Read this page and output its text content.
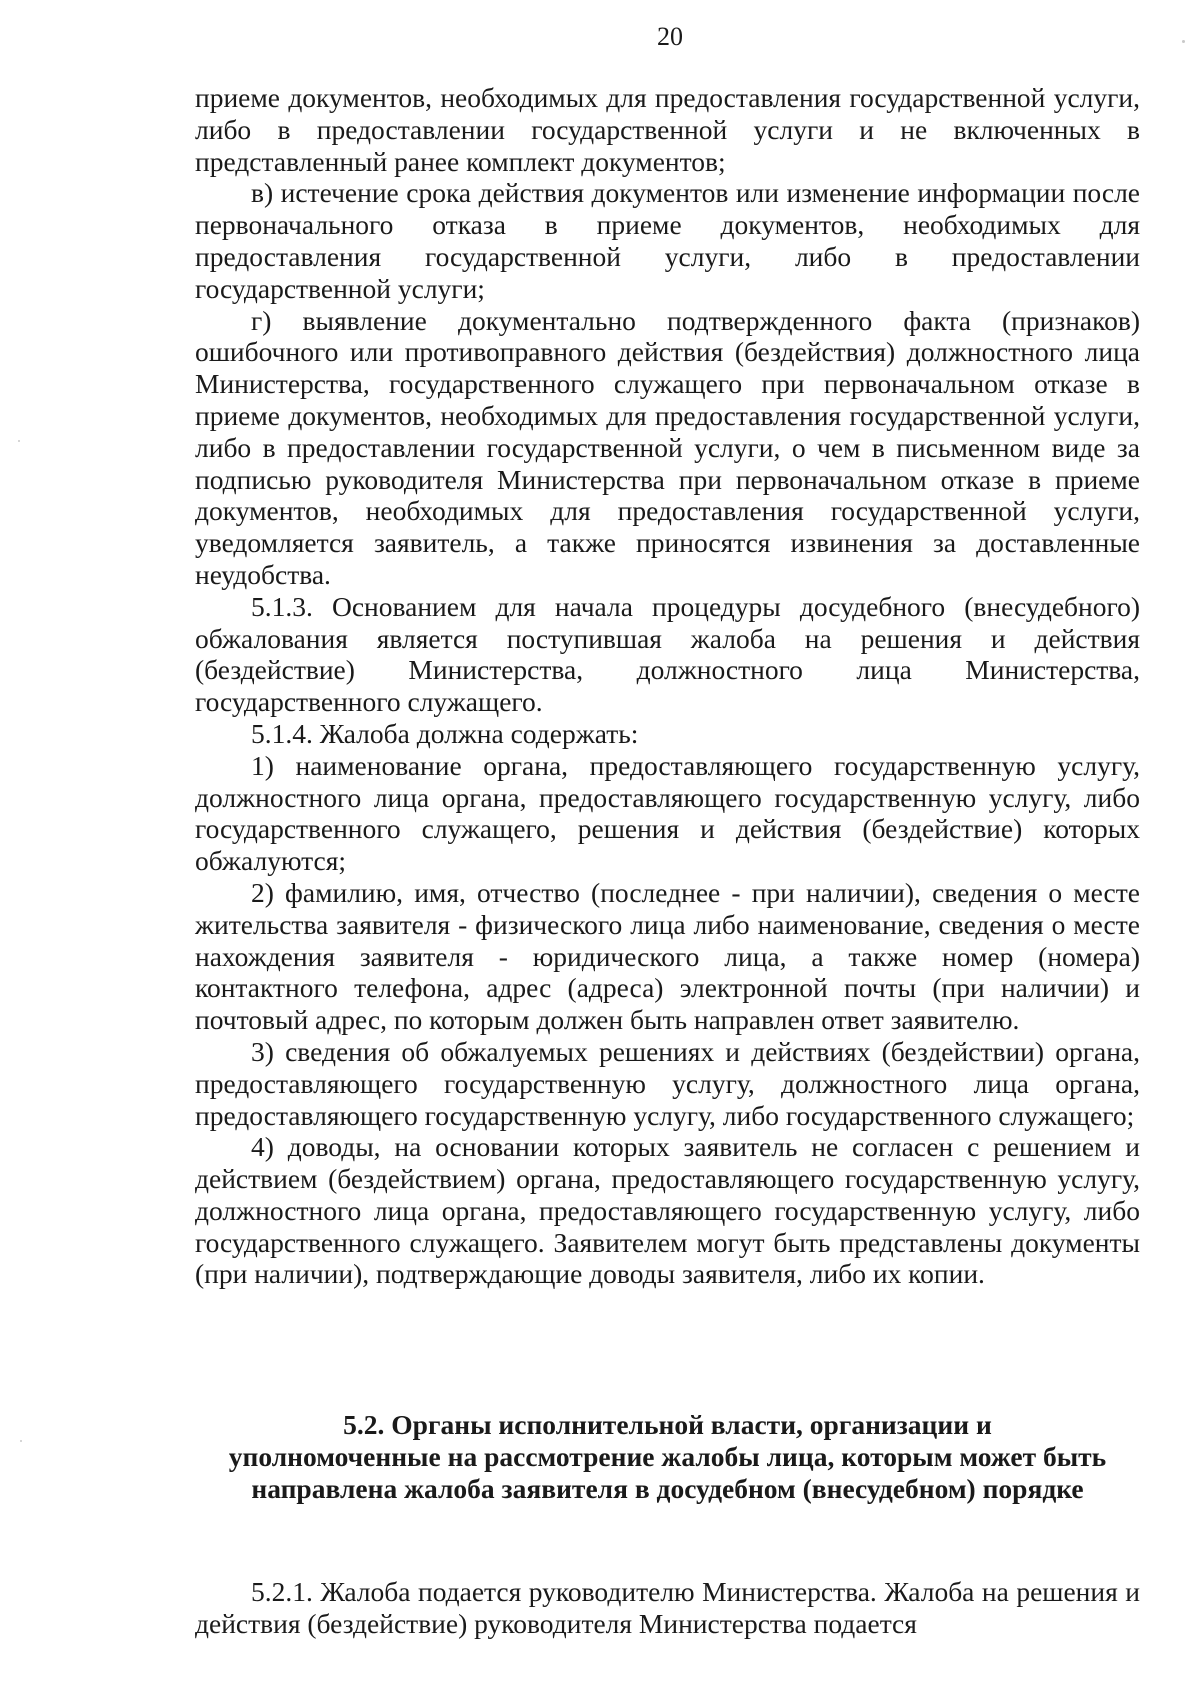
20

приеме документов, необходимых для предоставления государственной услуги, либо в предоставлении государственной услуги и не включенных в представленный ранее комплект документов;

в) истечение срока действия документов или изменение информации после первоначального отказа в приеме документов, необходимых для предоставления государственной услуги, либо в предоставлении государственной услуги;

г) выявление документально подтвержденного факта (признаков) ошибочного или противоправного действия (бездействия) должностного лица Министерства, государственного служащего при первоначальном отказе в приеме документов, необходимых для предоставления государственной услуги, либо в предоставлении государственной услуги, о чем в письменном виде за подписью руководителя Министерства при первоначальном отказе в приеме документов, необходимых для предоставления государственной услуги, уведомляется заявитель, а также приносятся извинения за доставленные неудобства.

5.1.3. Основанием для начала процедуры досудебного (внесудебного) обжалования является поступившая жалоба на решения и действия (бездействие) Министерства, должностного лица Министерства, государственного служащего.

5.1.4. Жалоба должна содержать:

1) наименование органа, предоставляющего государственную услугу, должностного лица органа, предоставляющего государственную услугу, либо государственного служащего, решения и действия (бездействие) которых обжалуются;

2) фамилию, имя, отчество (последнее - при наличии), сведения о месте жительства заявителя - физического лица либо наименование, сведения о месте нахождения заявителя - юридического лица, а также номер (номера) контактного телефона, адрес (адреса) электронной почты (при наличии) и почтовый адрес, по которым должен быть направлен ответ заявителю.

3) сведения об обжалуемых решениях и действиях (бездействии) органа, предоставляющего государственную услугу, должностного лица органа, предоставляющего государственную услугу, либо государственного служащего;

4) доводы, на основании которых заявитель не согласен с решением и действием (бездействием) органа, предоставляющего государственную услугу, должностного лица органа, предоставляющего государственную услугу, либо государственного служащего. Заявителем могут быть представлены документы (при наличии), подтверждающие доводы заявителя, либо их копии.

5.2. Органы исполнительной власти, организации и
уполномоченные на рассмотрение жалобы лица, которым может быть
направлена жалоба заявителя в досудебном (внесудебном) порядке

5.2.1. Жалоба подается руководителю Министерства. Жалоба на решения и действия (бездействие) руководителя Министерства подается
